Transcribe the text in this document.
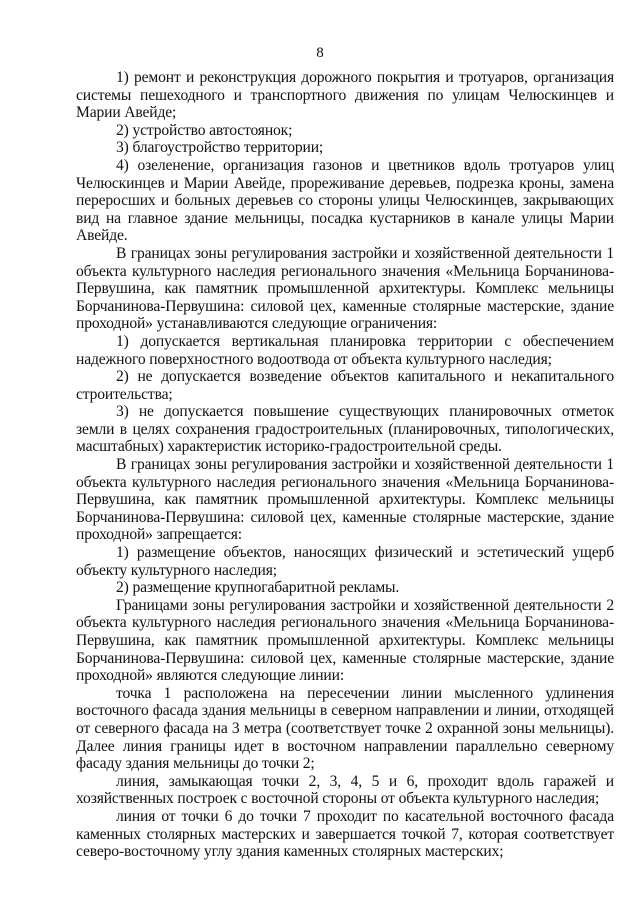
8

1) ремонт и реконструкция дорожного покрытия и тротуаров, организация системы пешеходного и транспортного движения по улицам Челюскинцев и Марии Авейде;

2) устройство автостоянок;

3) благоустройство территории;

4) озеленение, организация газонов и цветников вдоль тротуаров улиц Челюскинцев и Марии Авейде, прореживание деревьев, подрезка кроны, замена переросших и больных деревьев со стороны улицы Челюскинцев, закрывающих вид на главное здание мельницы, посадка кустарников в канале улицы Марии Авейде.

В границах зоны регулирования застройки и хозяйственной деятельности 1 объекта культурного наследия регионального значения «Мельница Борчанинова-Первушина, как памятник промышленной архитектуры. Комплекс мельницы Борчанинова-Первушина: силовой цех, каменные столярные мастерские, здание проходной» устанавливаются следующие ограничения:

1) допускается вертикальная планировка территории с обеспечением надежного поверхностного водоотвода от объекта культурного наследия;

2) не допускается возведение объектов капитального и некапитального строительства;

3) не допускается повышение существующих планировочных отметок земли в целях сохранения градостроительных (планировочных, типологических, масштабных) характеристик историко-градостроительной среды.

В границах зоны регулирования застройки и хозяйственной деятельности 1 объекта культурного наследия регионального значения «Мельница Борчанинова-Первушина, как памятник промышленной архитектуры. Комплекс мельницы Борчанинова-Первушина: силовой цех, каменные столярные мастерские, здание проходной» запрещается:

1) размещение объектов, наносящих физический и эстетический ущерб объекту культурного наследия;

2) размещение крупногабаритной рекламы.

Границами зоны регулирования застройки и хозяйственной деятельности 2 объекта культурного наследия регионального значения «Мельница Борчанинова-Первушина, как памятник промышленной архитектуры. Комплекс мельницы Борчанинова-Первушина: силовой цех, каменные столярные мастерские, здание проходной» являются следующие линии:

точка 1 расположена на пересечении линии мысленного удлинения восточного фасада здания мельницы в северном направлении и линии, отходящей от северного фасада на 3 метра (соответствует точке 2 охранной зоны мельницы). Далее линия границы идет в восточном направлении параллельно северному фасаду здания мельницы до точки 2;

линия, замыкающая точки 2, 3, 4, 5 и 6, проходит вдоль гаражей и хозяйственных построек с восточной стороны от объекта культурного наследия;

линия от точки 6 до точки 7 проходит по касательной восточного фасада каменных столярных мастерских и завершается точкой 7, которая соответствует северо-восточному углу здания каменных столярных мастерских;
